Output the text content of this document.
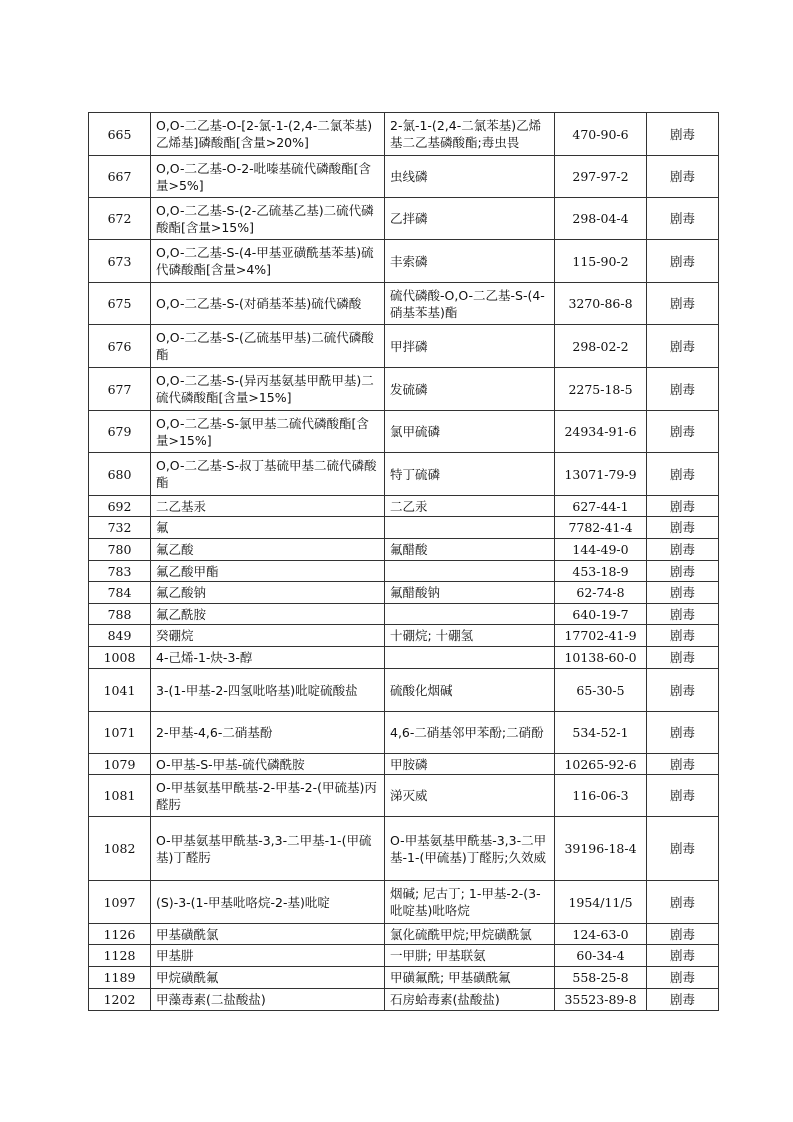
665	O,O-二乙基-O-[2-氯-1-(2,4-二氯苯基)乙烯基]磷酸酯[含量>20%]	2-氯-1-(2,4-二氯苯基)乙烯基二乙基磷酸酯;毒虫畏	470-90-6	剧毒
667	O,O-二乙基-O-2-吡嗪基硫代磷酸酯[含量>5%]	虫线磷	297-97-2	剧毒
672	O,O-二乙基-S-(2-乙硫基乙基)二硫代磷酸酯[含量>15%]	乙拌磷	298-04-4	剧毒
673	O,O-二乙基-S-(4-甲基亚磺酰基苯基)硫代磷酸酯[含量>4%]	丰索磷	115-90-2	剧毒
675	O,O-二乙基-S-(对硝基苯基)硫代磷酸	硫代磷酸-O,O-二乙基-S-(4-硝基苯基)酯	3270-86-8	剧毒
676	O,O-二乙基-S-(乙硫基甲基)二硫代磷酸酯	甲拌磷	298-02-2	剧毒
677	O,O-二乙基-S-(异丙基氨基甲酰甲基)二硫代磷酸酯[含量>15%]	发硫磷	2275-18-5	剧毒
679	O,O-二乙基-S-氯甲基二硫代磷酸酯[含量>15%]	氯甲硫磷	24934-91-6	剧毒
680	O,O-二乙基-S-叔丁基硫甲基二硫代磷酸酯	特丁硫磷	13071-79-9	剧毒
692	二乙基汞	二乙汞	627-44-1	剧毒
732	氟		7782-41-4	剧毒
780	氟乙酸	氟醋酸	144-49-0	剧毒
783	氟乙酸甲酯		453-18-9	剧毒
784	氟乙酸钠	氟醋酸钠	62-74-8	剧毒
788	氟乙酰胺		640-19-7	剧毒
849	癸硼烷	十硼烷; 十硼氢	17702-41-9	剧毒
1008	4-己烯-1-炔-3-醇		10138-60-0	剧毒
1041	3-(1-甲基-2-四氢吡咯基)吡啶硫酸盐	硫酸化烟碱	65-30-5	剧毒
1071	2-甲基-4,6-二硝基酚	4,6-二硝基邻甲苯酚;二硝酚	534-52-1	剧毒
1079	O-甲基-S-甲基-硫代磷酰胺	甲胺磷	10265-92-6	剧毒
1081	O-甲基氨基甲酰基-2-甲基-2-(甲硫基)丙醛肟	涕灭威	116-06-3	剧毒
1082	O-甲基氨基甲酰基-3,3-二甲基-1-(甲硫基)丁醛肟	O-甲基氨基甲酰基-3,3-二甲基-1-(甲硫基)丁醛肟;久效威	39196-18-4	剧毒
1097	(S)-3-(1-甲基吡咯烷-2-基)吡啶	烟碱; 尼古丁; 1-甲基-2-(3-吡啶基)吡咯烷	1954/11/5	剧毒
1126	甲基磺酰氯	氯化硫酰甲烷;甲烷磺酰氯	124-63-0	剧毒
1128	甲基肼	一甲肼; 甲基联氨	60-34-4	剧毒
1189	甲烷磺酰氟	甲磺氟酰; 甲基磺酰氟	558-25-8	剧毒
1202	甲藻毒素(二盐酸盐)	石房蛤毒素(盐酸盐)	35523-89-8	剧毒
